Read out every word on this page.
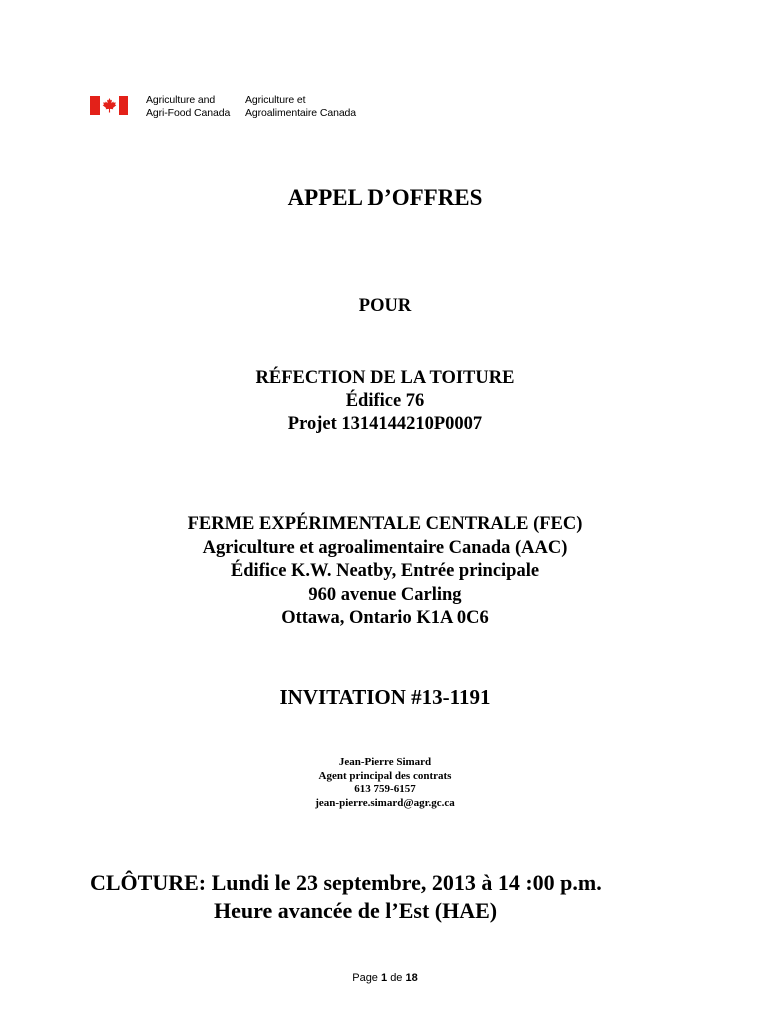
Agriculture and
Agri-Food Canada
Agriculture et
Agroalimentaire Canada
APPEL D’OFFRES
POUR
RÉFECTION DE LA TOITURE
Édifice 76
Projet 1314144210P0007
FERME EXPÉRIMENTALE CENTRALE (FEC)
Agriculture et agroalimentaire Canada (AAC)
Édifice K.W. Neatby, Entrée principale
960 avenue Carling
Ottawa, Ontario K1A 0C6
INVITATION #13-1191
Jean-Pierre Simard
Agent principal des contrats
613 759-6157
jean-pierre.simard@agr.gc.ca
CLÔTURE: Lundi le 23 septembre, 2013 à 14 :00 p.m.
Heure avancée de l’Est (HAE)
Page 1 de 18
